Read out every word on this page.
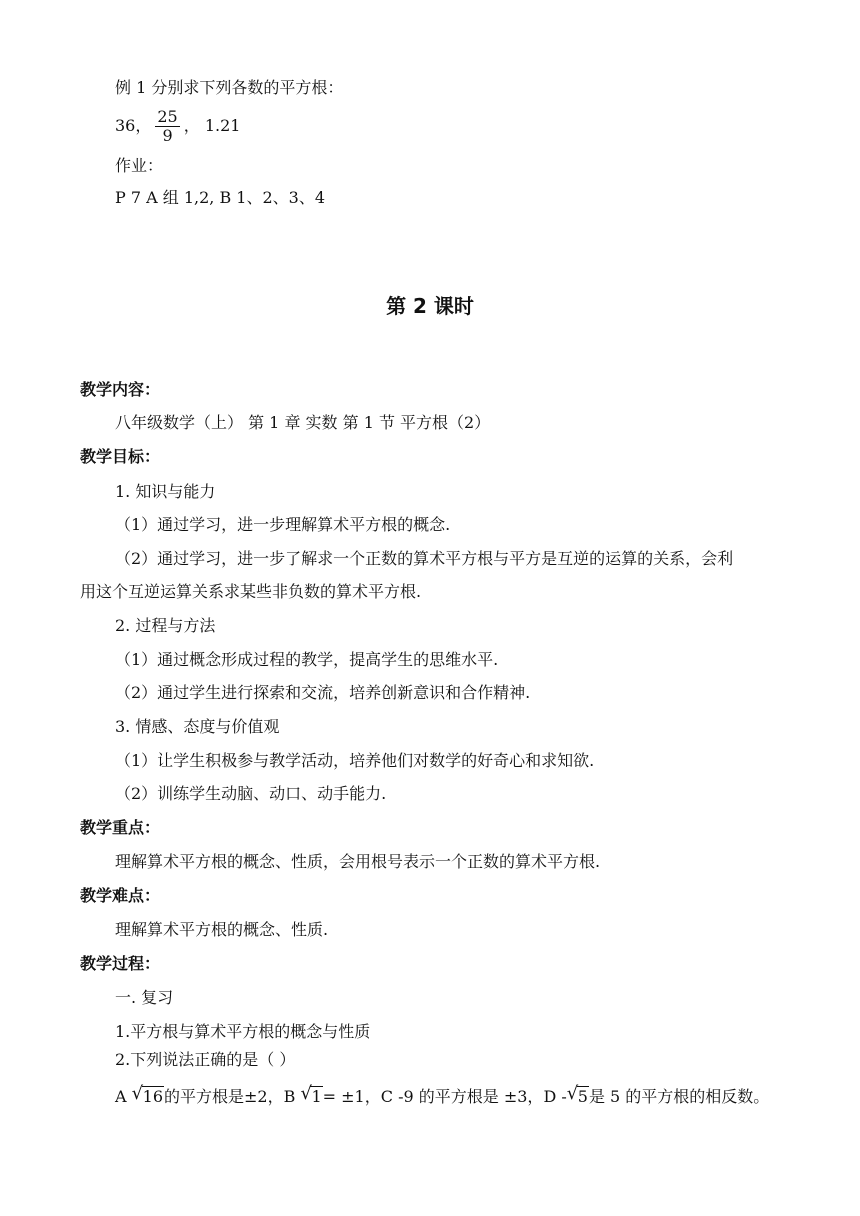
例 1 分别求下列各数的平方根：
36， $\frac{25}{9}$ ， 1.21
作业：
P 7 A 组 1,2, B 1、2、3、4
第 2 课时
教学内容：
八年级数学（上） 第 1 章 实数 第 1 节 平方根（2）
教学目标：
1. 知识与能力
（1）通过学习，进一步理解算术平方根的概念.
（2）通过学习，进一步了解求一个正数的算术平方根与平方是互逆的运算的关系，会利
用这个互逆运算关系求某些非负数的算术平方根.
2. 过程与方法
（1）通过概念形成过程的教学，提高学生的思维水平.
（2）通过学生进行探索和交流，培养创新意识和合作精神.
3. 情感、态度与价值观
（1）让学生积极参与教学活动，培养他们对数学的好奇心和求知欲.
（2）训练学生动脑、动口、动手能力.
教学重点：
理解算术平方根的概念、性质，会用根号表示一个正数的算术平方根.
教学难点：
理解算术平方根的概念、性质.
教学过程：
一. 复习
1.平方根与算术平方根的概念与性质
2.下列说法正确的是（ ）
A √ 16的平方根是±2，B √ 1= ±1，C -9 的平方根是 ±3，D - √ 5是 5 的平方根的相反数。
